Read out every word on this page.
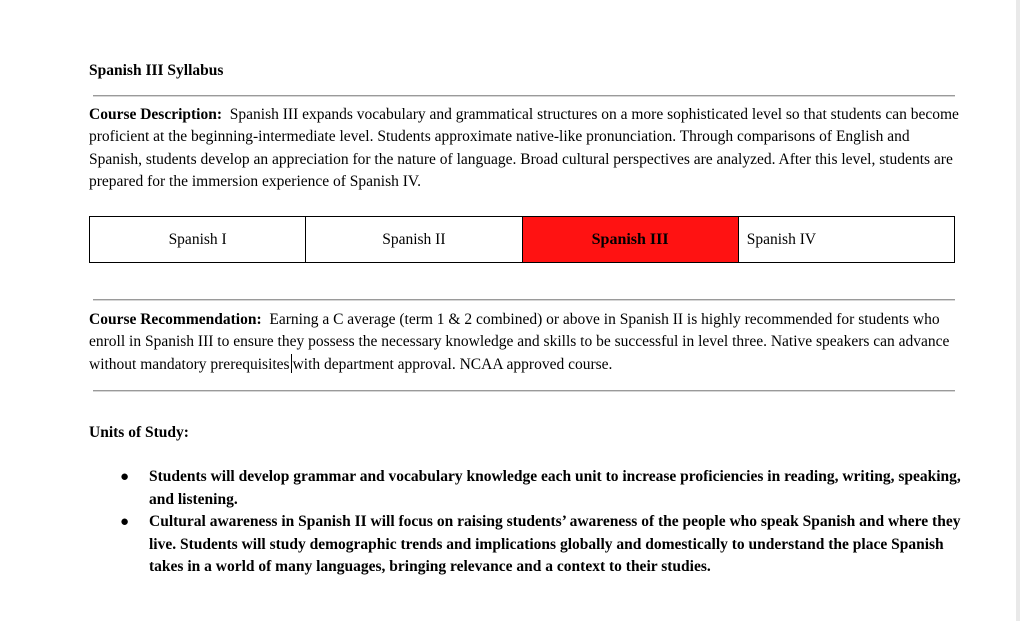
Spanish III Syllabus
Course Description:  Spanish III expands vocabulary and grammatical structures on a more sophisticated level so that students can become proficient at the beginning-intermediate level. Students approximate native-like pronunciation. Through comparisons of English and Spanish, students develop an appreciation for the nature of language. Broad cultural perspectives are analyzed. After this level, students are prepared for the immersion experience of Spanish IV.
Spanish I	Spanish II	Spanish III	Spanish IV
Course Recommendation:  Earning a C average (term 1 & 2 combined) or above in Spanish II is highly recommended for students who enroll in Spanish III to ensure they possess the necessary knowledge and skills to be successful in level three. Native speakers can advance without mandatory prerequisites with department approval. NCAA approved course.
Units of Study:
● Students will develop grammar and vocabulary knowledge each unit to increase proficiencies in reading, writing, speaking, and listening.
● Cultural awareness in Spanish II will focus on raising students’ awareness of the people who speak Spanish and where they live. Students will study demographic trends and implications globally and domestically to understand the place Spanish takes in a world of many languages, bringing relevance and a context to their studies.
